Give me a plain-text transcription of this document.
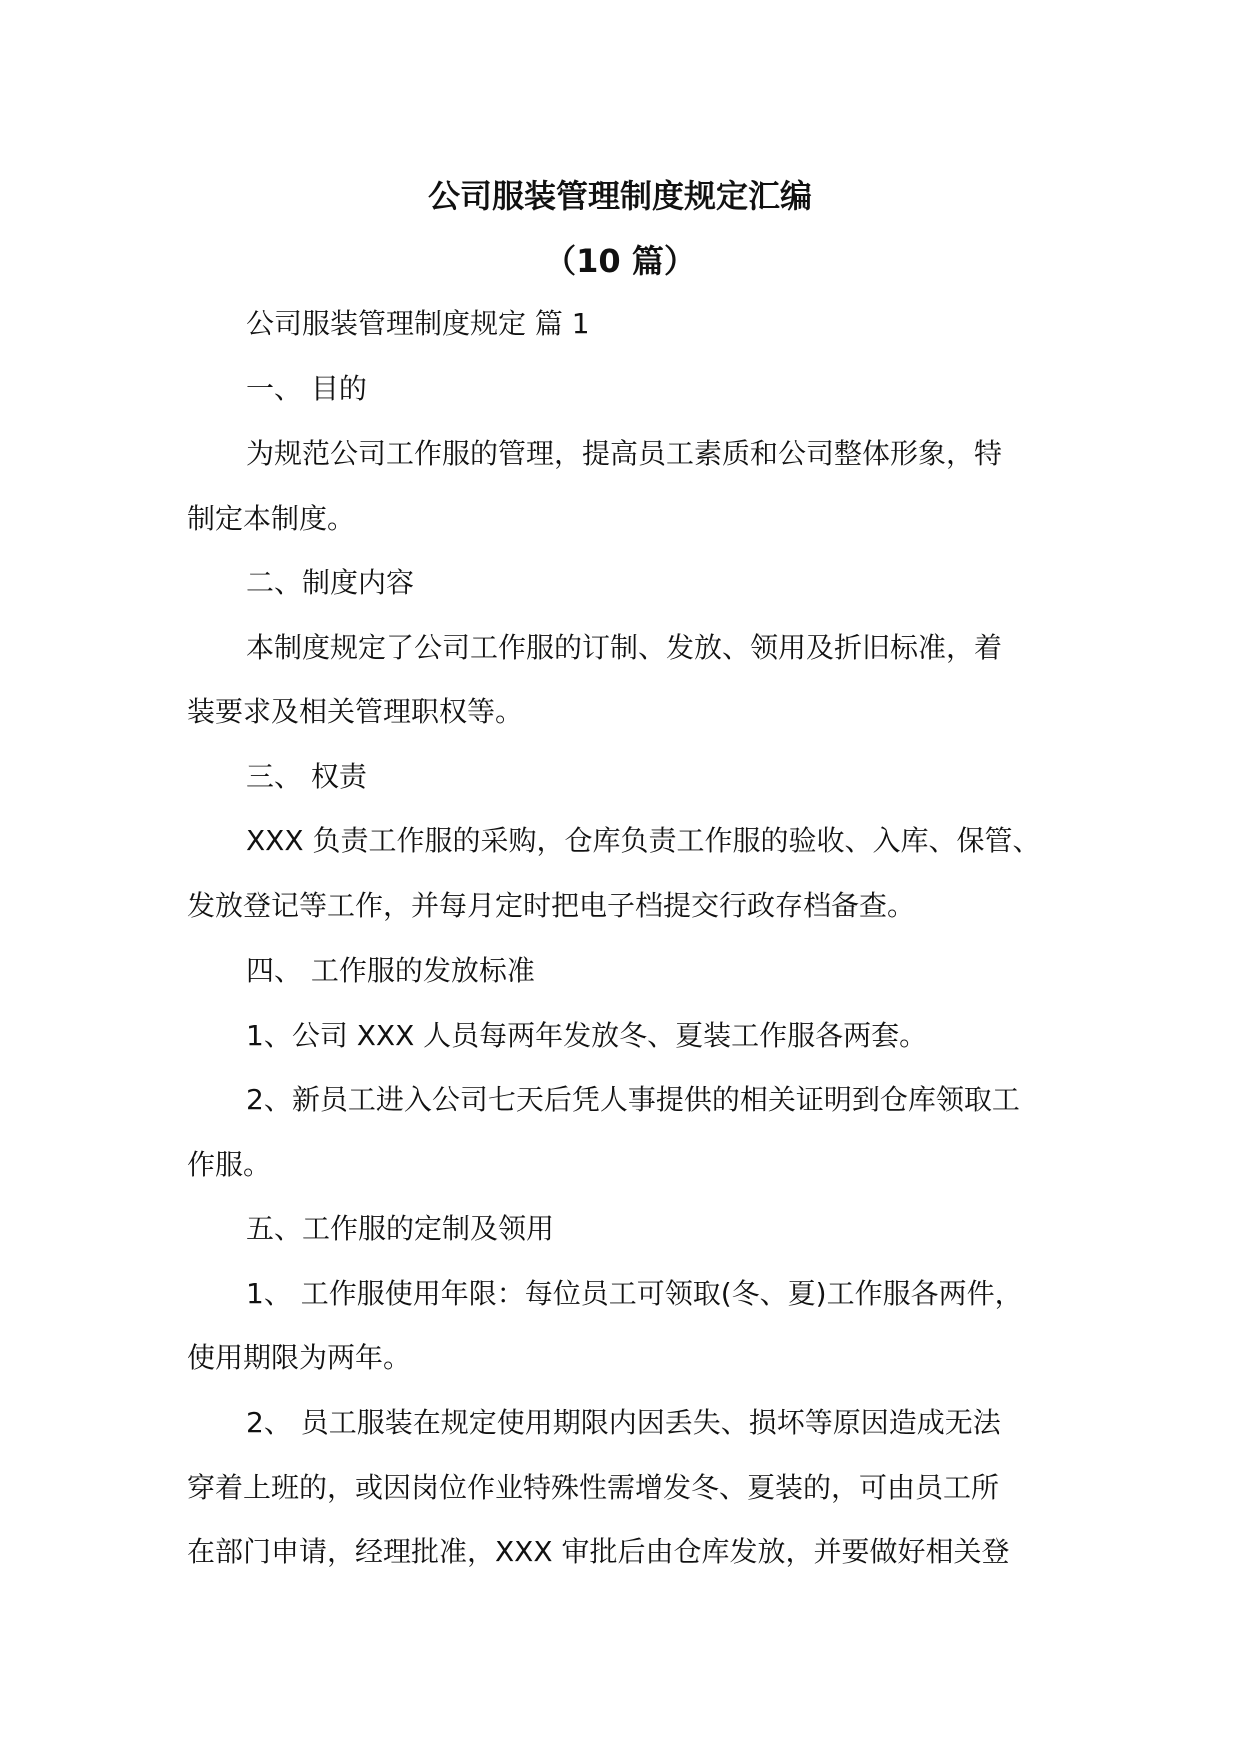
公司服装管理制度规定汇编
（10 篇）
公司服装管理制度规定 篇 1
一、 目的
为规范公司工作服的管理，提高员工素质和公司整体形象，特
制定本制度。
二、制度内容
本制度规定了公司工作服的订制、发放、领用及折旧标准，着
装要求及相关管理职权等。
三、 权责
XXX 负责工作服的采购，仓库负责工作服的验收、入库、保管、
发放登记等工作，并每月定时把电子档提交行政存档备查。
四、 工作服的发放标准
1、公司 XXX 人员每两年发放冬、夏装工作服各两套。
2、新员工进入公司七天后凭人事提供的相关证明到仓库领取工
作服。
五、工作服的定制及领用
1、 工作服使用年限：每位员工可领取(冬、夏)工作服各两件，
使用期限为两年。
2、 员工服装在规定使用期限内因丢失、损坏等原因造成无法
穿着上班的，或因岗位作业特殊性需增发冬、夏装的，可由员工所
在部门申请，经理批准，XXX 审批后由仓库发放，并要做好相关登
